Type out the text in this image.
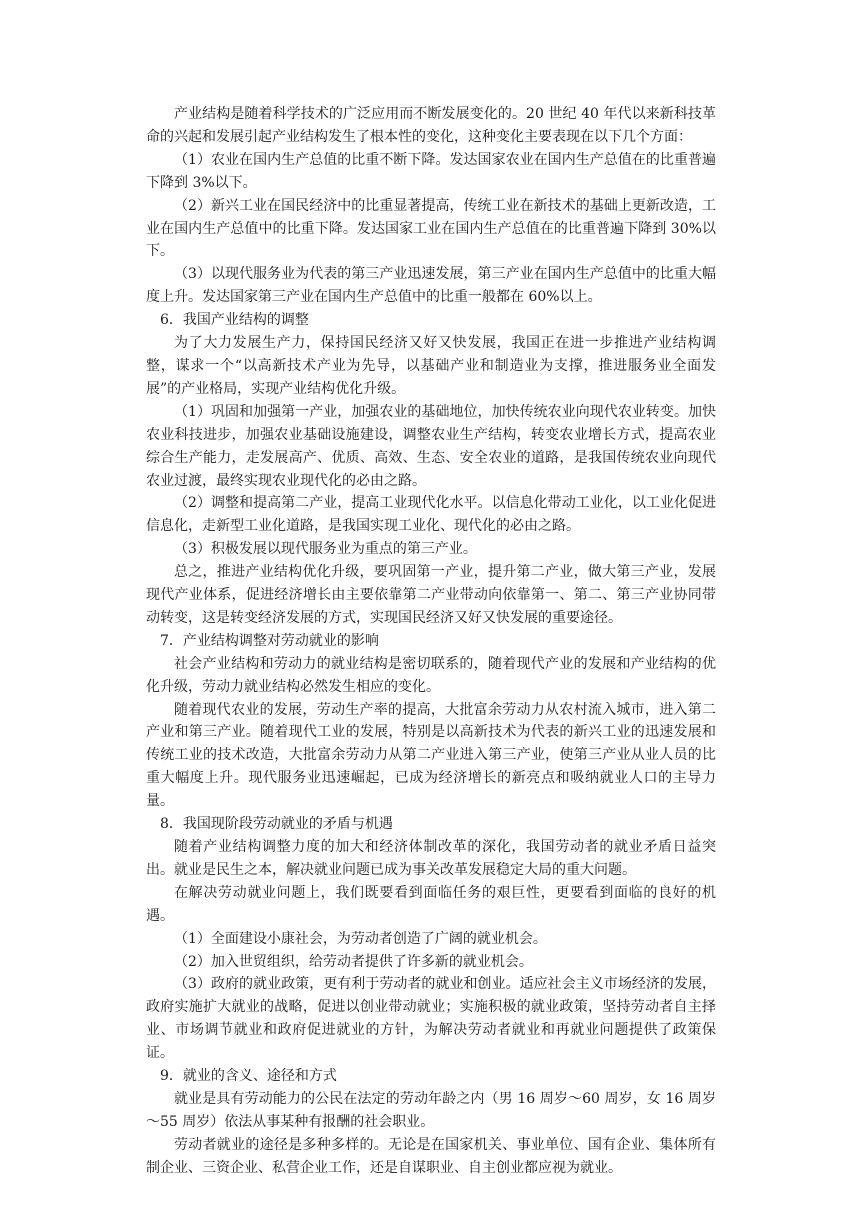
产业结构是随着科学技术的广泛应用而不断发展变化的。20 世纪 40 年代以来新科技革命的兴起和发展引起产业结构发生了根本性的变化，这种变化主要表现在以下几个方面：

（1）农业在国内生产总值的比重不断下降。发达国家农业在国内生产总值在的比重普遍下降到 3%以下。

（2）新兴工业在国民经济中的比重显著提高，传统工业在新技术的基础上更新改造，工业在国内生产总值中的比重下降。发达国家工业在国内生产总值在的比重普遍下降到 30%以下。

（3）以现代服务业为代表的第三产业迅速发展，第三产业在国内生产总值中的比重大幅度上升。发达国家第三产业在国内生产总值中的比重一般都在 60%以上。

6．我国产业结构的调整

为了大力发展生产力，保持国民经济又好又快发展，我国正在进一步推进产业结构调整，谋求一个“以高新技术产业为先导，以基础产业和制造业为支撑，推进服务业全面发展”的产业格局，实现产业结构优化升级。

（1）巩固和加强第一产业，加强农业的基础地位，加快传统农业向现代农业转变。加快农业科技进步，加强农业基础设施建设，调整农业生产结构，转变农业增长方式，提高农业综合生产能力，走发展高产、优质、高效、生态、安全农业的道路，是我国传统农业向现代农业过渡，最终实现农业现代化的必由之路。

（2）调整和提高第二产业，提高工业现代化水平。以信息化带动工业化，以工业化促进信息化，走新型工业化道路，是我国实现工业化、现代化的必由之路。

（3）积极发展以现代服务业为重点的第三产业。

总之，推进产业结构优化升级，要巩固第一产业，提升第二产业，做大第三产业，发展现代产业体系，促进经济增长由主要依靠第二产业带动向依靠第一、第二、第三产业协同带动转变，这是转变经济发展的方式，实现国民经济又好又快发展的重要途径。

7．产业结构调整对劳动就业的影响

社会产业结构和劳动力的就业结构是密切联系的，随着现代产业的发展和产业结构的优化升级，劳动力就业结构必然发生相应的变化。

随着现代农业的发展，劳动生产率的提高，大批富余劳动力从农村流入城市，进入第二产业和第三产业。随着现代工业的发展，特别是以高新技术为代表的新兴工业的迅速发展和传统工业的技术改造，大批富余劳动力从第二产业进入第三产业，使第三产业从业人员的比重大幅度上升。现代服务业迅速崛起，已成为经济增长的新亮点和吸纳就业人口的主导力量。

8．我国现阶段劳动就业的矛盾与机遇

随着产业结构调整力度的加大和经济体制改革的深化，我国劳动者的就业矛盾日益突出。就业是民生之本，解决就业问题已成为事关改革发展稳定大局的重大问题。

在解决劳动就业问题上，我们既要看到面临任务的艰巨性，更要看到面临的良好的机遇。

（1）全面建设小康社会，为劳动者创造了广阔的就业机会。

（2）加入世贸组织，给劳动者提供了许多新的就业机会。

（3）政府的就业政策，更有利于劳动者的就业和创业。适应社会主义市场经济的发展，政府实施扩大就业的战略，促进以创业带动就业；实施积极的就业政策，坚持劳动者自主择业、市场调节就业和政府促进就业的方针，为解决劳动者就业和再就业问题提供了政策保证。

9．就业的含义、途径和方式

就业是具有劳动能力的公民在法定的劳动年龄之内（男 16 周岁～60 周岁，女 16 周岁～55 周岁）依法从事某种有报酬的社会职业。

劳动者就业的途径是多种多样的。无论是在国家机关、事业单位、国有企业、集体所有制企业、三资企业、私营企业工作，还是自谋职业、自主创业都应视为就业。
